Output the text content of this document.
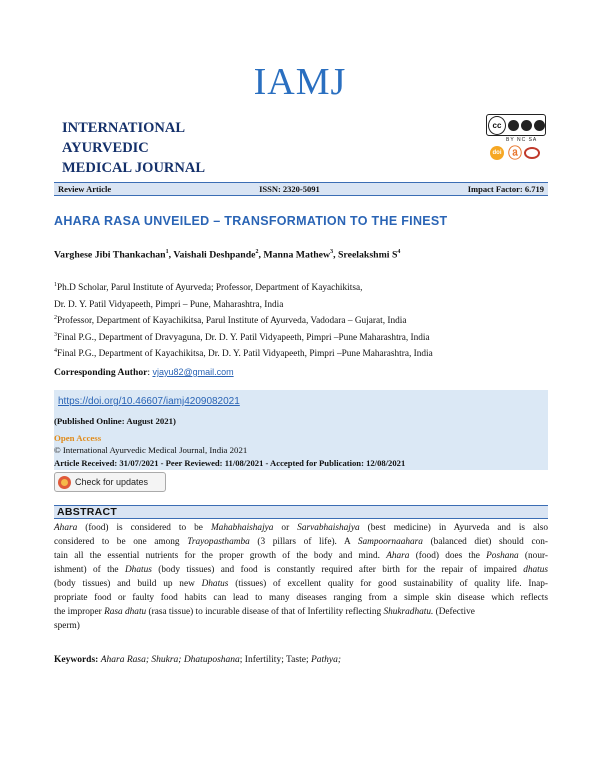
IAMJ
INTERNATIONAL
AYURVEDIC
MEDICAL JOURNAL
cc
BY NC SA
doi ⓐ
Review Article	ISSN: 2320-5091	Impact Factor: 6.719
AHARA RASA UNVEILED – TRANSFORMATION TO THE FINEST
Varghese Jibi Thankachan$^1$, Vaishali Deshpande$^2$, Manna Mathew$^3$, Sreelakshmi $S^4$
$^1$Ph.D Scholar, Parul Institute of Ayurveda; Professor, Department of Kayachikitsa,
Dr. D. Y. Patil Vidyapeeth, Pimpri – Pune, Maharashtra, India
$^2$Professor, Department of Kayachikitsa, Parul Institute of Ayurveda, Vadodara – Gujarat, India
$^3$Final P.G., Department of Dravyaguna, Dr. D. Y. Patil Vidyapeeth, Pimpri –Pune Maharashtra, India
$^4$Final P.G., Department of Kayachikitsa, Dr. D. Y. Patil Vidyapeeth, Pimpri –Pune Maharashtra, India
Corresponding Author: vjayu82@gmail.com
https://doi.org/10.46607/iamj4209082021
(Published Online: August 2021)
Open Access
© International Ayurvedic Medical Journal, India 2021
Article Received: 31/07/2021 - Peer Reviewed: 11/08/2021 - Accepted for Publication: 12/08/2021
Check for updates
ABSTRACT
Ahara (food) is considered to be Mahabhaishajya or Sarvabhaishajya (best medicine) in Ayurveda and is also
considered to be one among Trayopasthamba (3 pillars of life). A Sampoornaahara (balanced diet) should con-
tain all the essential nutrients for the proper growth of the body and mind. Ahara (food) does the Poshana (nour-
ishment) of the Dhatus (body tissues) and food is constantly required after birth for the repair of impaired dhatus
(body tissues) and build up new Dhatus (tissues) of excellent quality for good sustainability of quality life. Inap-
propriate food or faulty food habits can lead to many diseases ranging from a simple skin disease which reflects
the improper Rasa dhatu (rasa tissue) to incurable disease of that of Infertility reflecting Shukradhatu. (Defective
sperm)
Keywords: Ahara Rasa; Shukra; Dhatuposhana; Infertility; Taste; Pathya;
